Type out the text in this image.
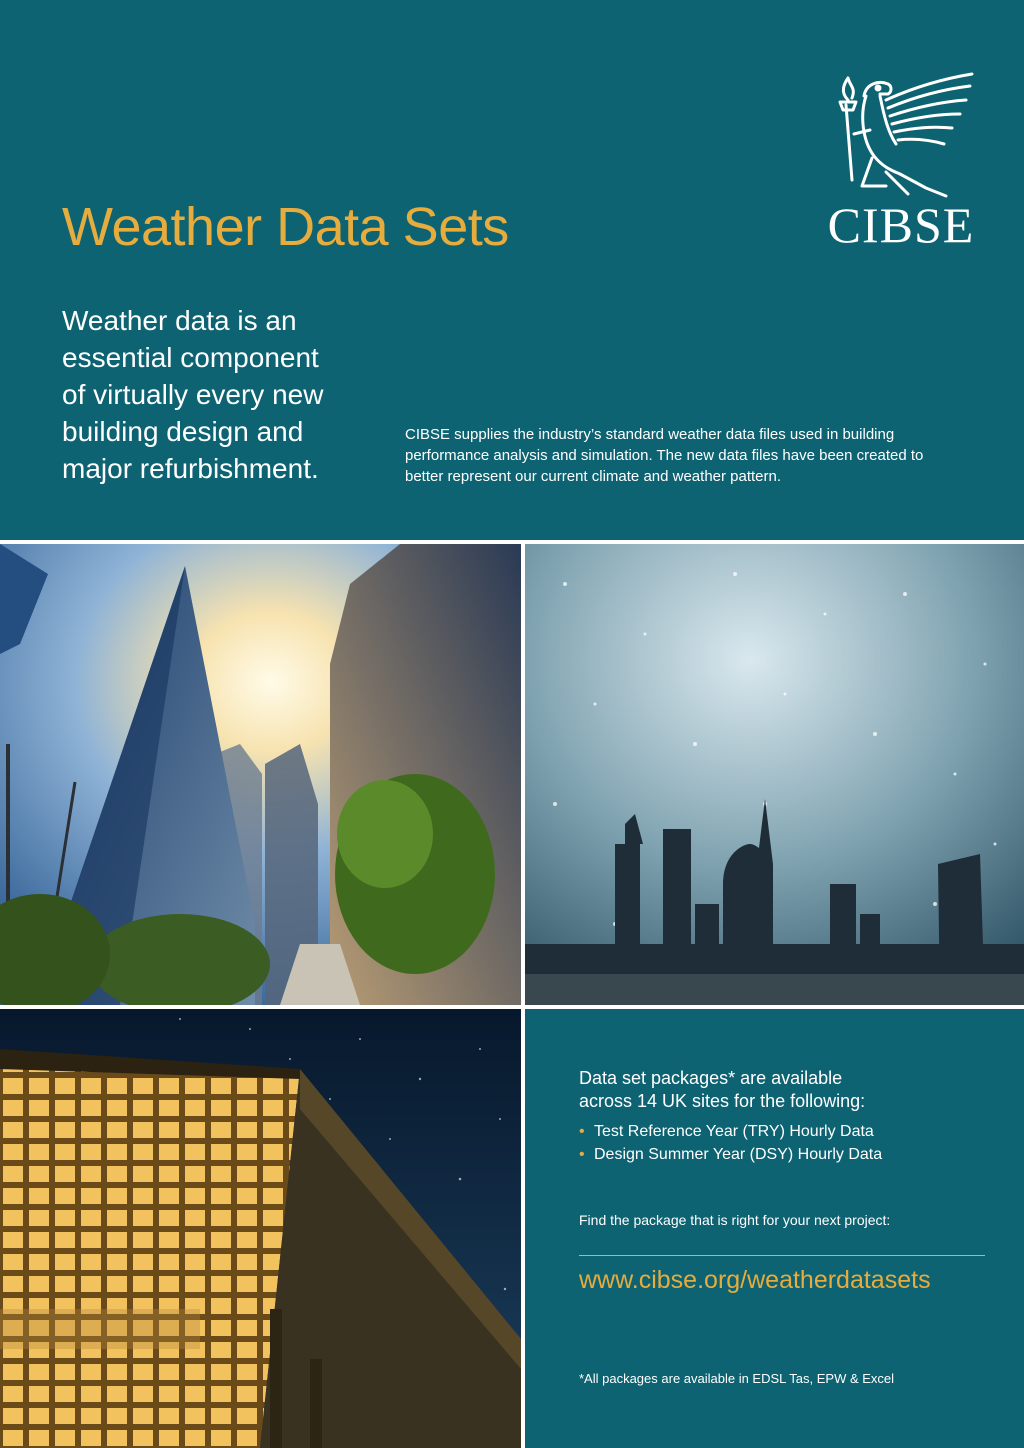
Weather Data Sets	CIBSE

Weather data is an
essential component
of virtually every new
building design and
major refurbishment.

CIBSE supplies the industry’s standard weather data files used in building
performance analysis and simulation. The new data files have been created to
better represent our current climate and weather pattern.

Data set packages* are available
across 14 UK sites for the following:

• Test Reference Year (TRY) Hourly Data
• Design Summer Year (DSY) Hourly Data

Find the package that is right for your next project:

www.cibse.org/weatherdatasets

*All packages are available in EDSL Tas, EPW & Excel
